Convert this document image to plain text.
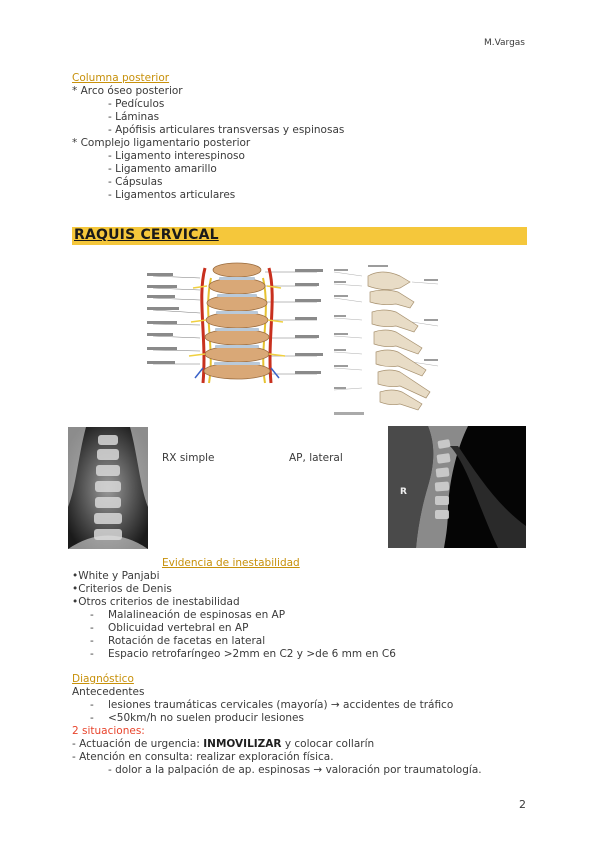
M.Vargas
Columna posterior
* Arco óseo posterior
- Pedículos
- Láminas
- Apófisis articulares transversas y espinosas
* Complejo ligamentario posterior
- Ligamento interespinoso
- Ligamento amarillo
- Cápsulas
- Ligamentos articulares
RAQUIS CERVICAL
RX simple	AP, lateral
R
Evidencia de inestabilidad
•White y Panjabi
•Criterios de Denis
•Otros criterios de inestabilidad
- Malalineación de espinosas en AP
- Oblicuidad vertebral en AP
- Rotación de facetas en lateral
- Espacio retrofaríngeo >2mm en C2 y >de 6 mm en C6
Diagnóstico
Antecedentes
- lesiones traumáticas cervicales (mayoría) → accidentes de tráfico
- <50km/h no suelen producir lesiones
2 situaciones:
- Actuación de urgencia: INMOVILIZAR y colocar collarín
- Atención en consulta: realizar exploración física.
- dolor a la palpación de ap. espinosas → valoración por traumatología.
2
